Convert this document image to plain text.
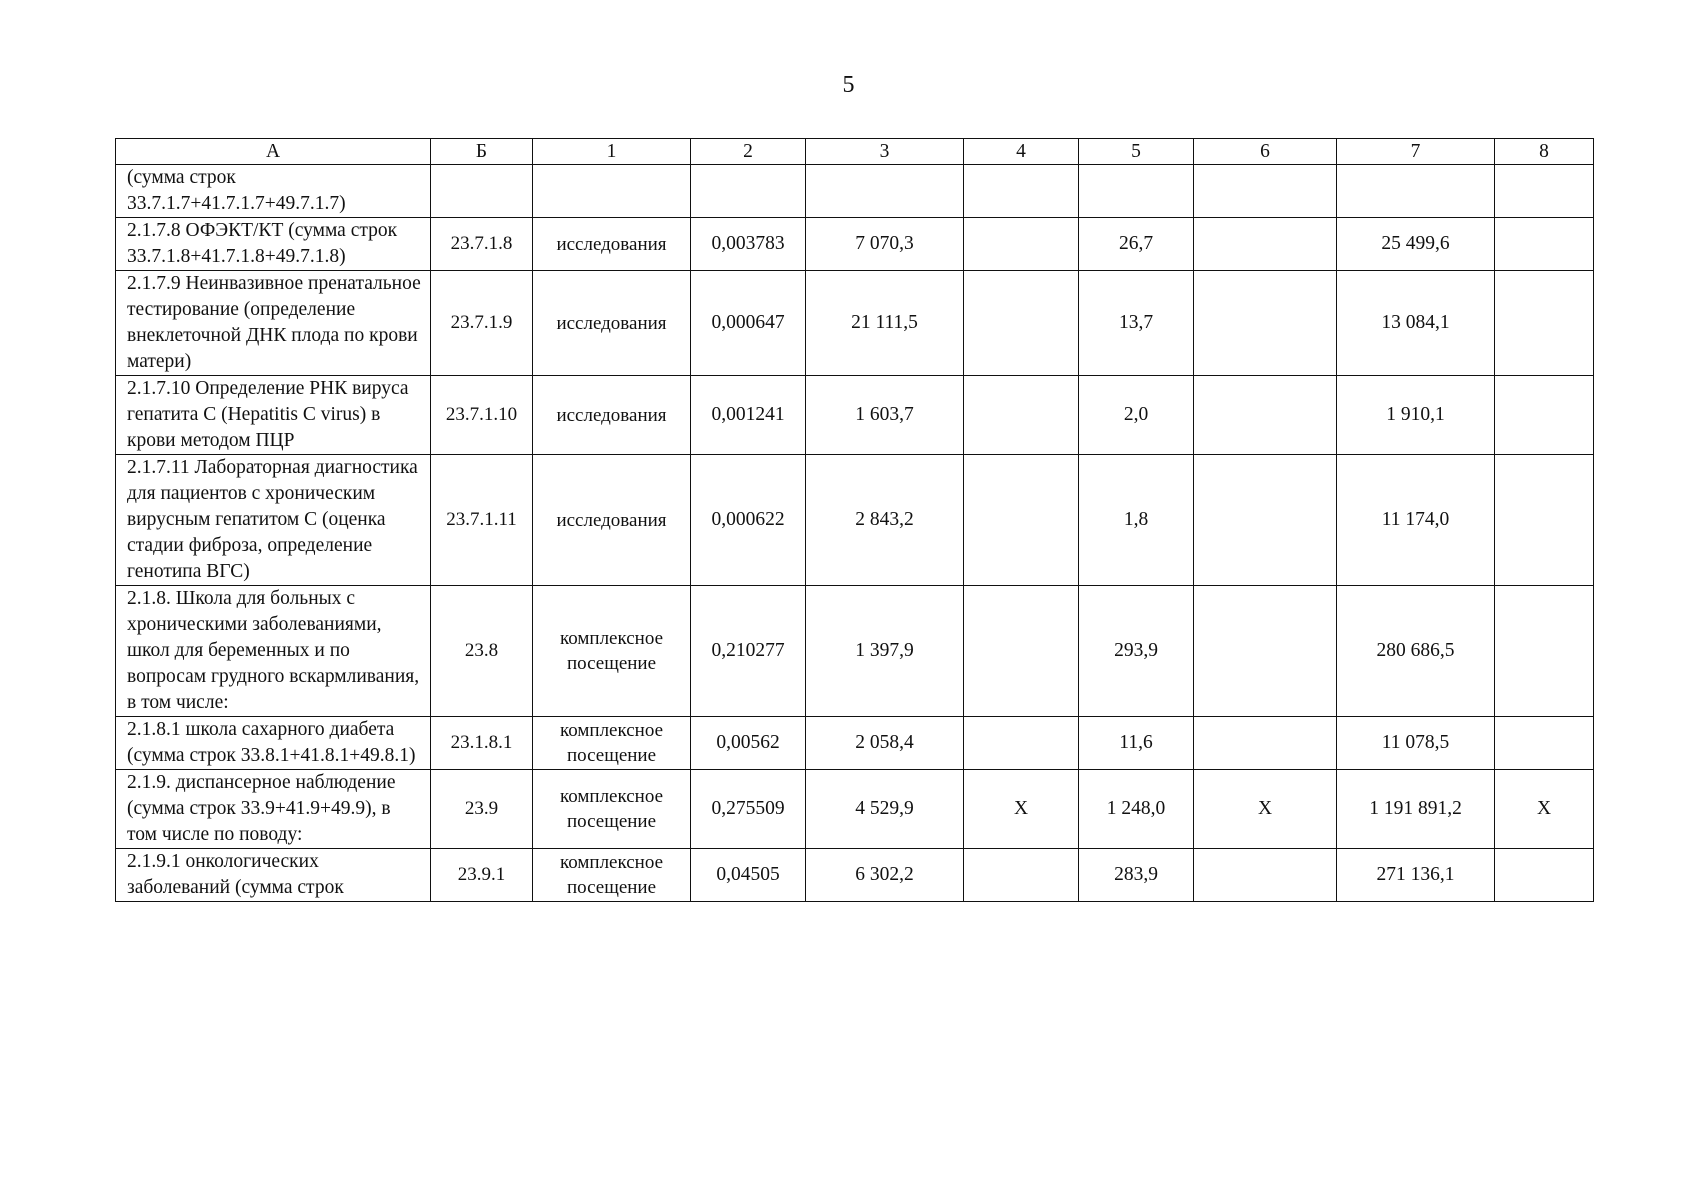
5
А	Б	1	2	3	4	5	6	7	8
(сумма строк 33.7.1.7+41.7.1.7+49.7.1.7)									
2.1.7.8 ОФЭКТ/КТ (сумма строк 33.7.1.8+41.7.1.8+49.7.1.8)	23.7.1.8	исследования	0,003783	7 070,3		26,7		25 499,6	
2.1.7.9 Неинвазивное пренатальное тестирование (определение внеклеточной ДНК плода по крови матери)	23.7.1.9	исследования	0,000647	21 111,5		13,7		13 084,1	
2.1.7.10 Определение РНК вируса гепатита С (Hepatitis C virus) в крови методом ПЦР	23.7.1.10	исследования	0,001241	1 603,7		2,0		1 910,1	
2.1.7.11 Лабораторная диагностика для пациентов с хроническим вирусным гепатитом С (оценка стадии фиброза, определение генотипа ВГС)	23.7.1.11	исследования	0,000622	2 843,2		1,8		11 174,0	
2.1.8. Школа для больных с хроническими заболеваниями, школ для беременных и по вопросам грудного вскармливания, в том числе:	23.8	комплексное посещение	0,210277	1 397,9		293,9		280 686,5	
2.1.8.1 школа сахарного диабета (сумма строк 33.8.1+41.8.1+49.8.1)	23.1.8.1	комплексное посещение	0,00562	2 058,4		11,6		11 078,5	
2.1.9. диспансерное наблюдение (сумма строк 33.9+41.9+49.9), в том числе по поводу:	23.9	комплексное посещение	0,275509	4 529,9	Х	1 248,0	Х	1 191 891,2	Х
2.1.9.1 онкологических заболеваний (сумма строк	23.9.1	комплексное посещение	0,04505	6 302,2		283,9		271 136,1	
